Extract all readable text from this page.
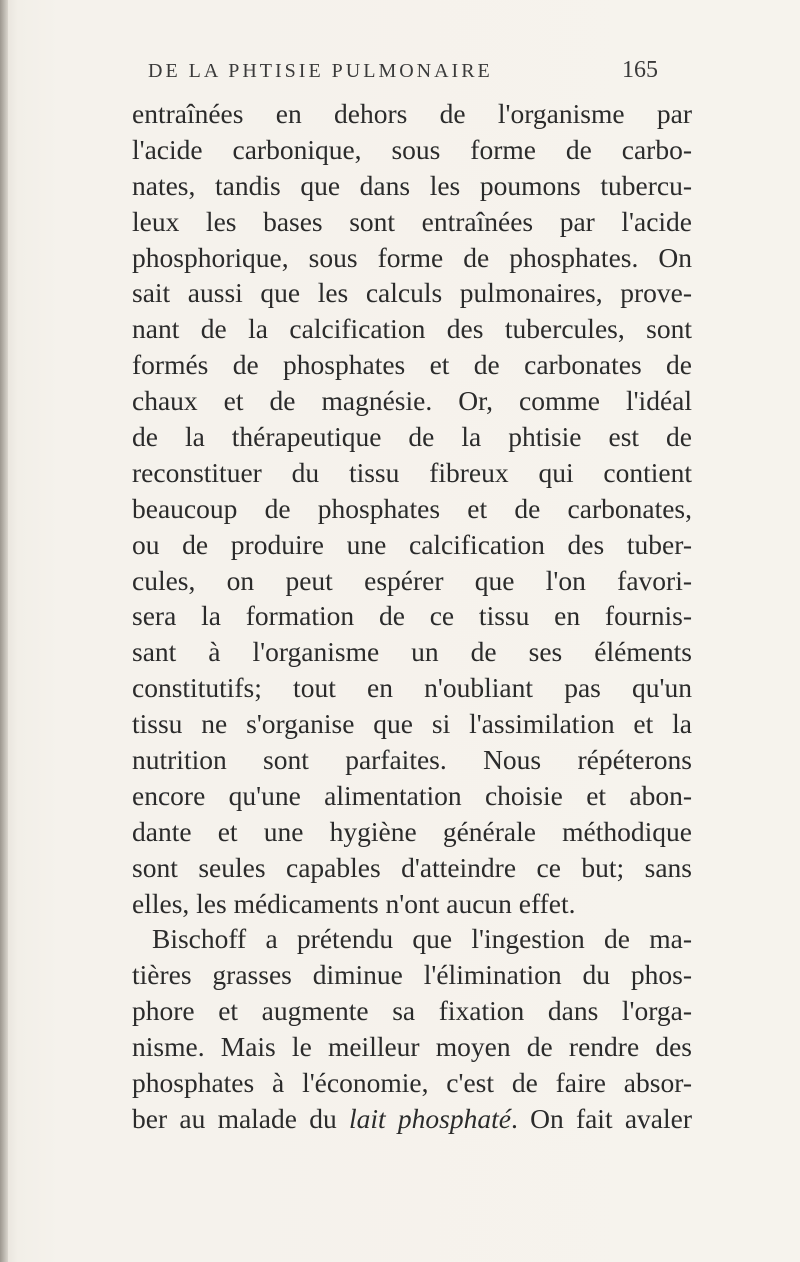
DE LA PHTISIE PULMONAIRE	165
entraînées en dehors de l'organisme par
l'acide carbonique, sous forme de carbo-
nates, tandis que dans les poumons tubercu-
leux les bases sont entraînées par l'acide
phosphorique, sous forme de phosphates. On
sait aussi que les calculs pulmonaires, prove-
nant de la calcification des tubercules, sont
formés de phosphates et de carbonates de
chaux et de magnésie. Or, comme l'idéal
de la thérapeutique de la phtisie est de
reconstituer du tissu fibreux qui contient
beaucoup de phosphates et de carbonates,
ou de produire une calcification des tuber-
cules, on peut espérer que l'on favori-
sera la formation de ce tissu en fournis-
sant à l'organisme un de ses éléments
constitutifs; tout en n'oubliant pas qu'un
tissu ne s'organise que si l'assimilation et la
nutrition sont parfaites. Nous répéterons
encore qu'une alimentation choisie et abon-
dante et une hygiène générale méthodique
sont seules capables d'atteindre ce but; sans
elles, les médicaments n'ont aucun effet.
Bischoff a prétendu que l'ingestion de ma-
tières grasses diminue l'élimination du phos-
phore et augmente sa fixation dans l'orga-
nisme. Mais le meilleur moyen de rendre des
phosphates à l'économie, c'est de faire absor-
ber au malade du lait phosphaté. On fait avaler
